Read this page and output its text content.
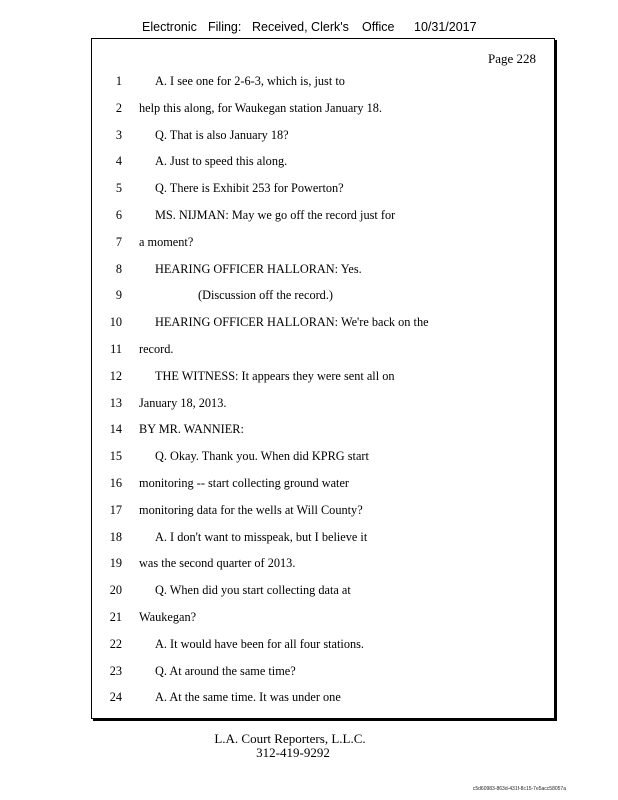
Electronic Filing: Received, Clerk's Office 10/31/2017
Page 228
1	A. I see one for 2-6-3, which is, just to
2 help this along, for Waukegan station January 18.
3	Q. That is also January 18?
4	A. Just to speed this along.
5	Q. There is Exhibit 253 for Powerton?
6	MS. NIJMAN: May we go off the record just for
7 a moment?
8	HEARING OFFICER HALLORAN: Yes.
9	(Discussion off the record.)
10	HEARING OFFICER HALLORAN: We're back on the
11 record.
12	THE WITNESS: It appears they were sent all on
13 January 18, 2013.
14 BY MR. WANNIER:
15	Q. Okay. Thank you. When did KPRG start
16 monitoring -- start collecting ground water
17 monitoring data for the wells at Will County?
18	A. I don't want to misspeak, but I believe it
19 was the second quarter of 2013.
20	Q. When did you start collecting data at
21 Waukegan?
22	A. It would have been for all four stations.
23	Q. At around the same time?
24	A. At the same time. It was under one
L.A. Court Reporters, L.L.C.
312-419-9292
c5d60983-863d-431f-8c15-7e5acc58057a
